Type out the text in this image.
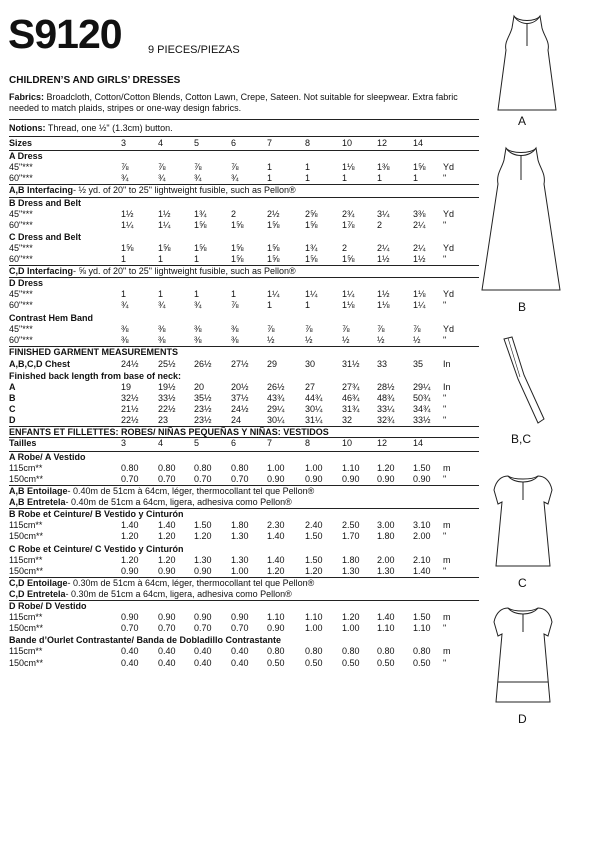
S9120 9 PIECES/PIEZAS
CHILDREN’S AND GIRLS’ DRESSES
Fabrics: Broadcloth, Cotton/Cotton Blends, Cotton Lawn, Crepe, Sateen. Not suitable for sleepwear. Extra fabric needed to match plaids, stripes or one-way design fabrics.
Notions: Thread, one ½" (1.3cm) button.
Sizes	3	4	5	6	7	8	10	12	14
A Dress
45"***	⅞	⅞	⅞	⅞	1	1	1⅛	1⅜	1⅝	Yd
60"***	¾	¾	¾	¾	1	1	1	1	1	"
A,B Interfacing- ½ yd. of 20" to 25" lightweight fusible, such as Pellon®
B Dress and Belt
45"***	1½	1½	1¾	2	2½	2⅝	2¾	3¼	3⅜	Yd
60"***	1¼	1¼	1⅝	1⅝	1⅝	1⅝	1⅞	2	2¼	"
C Dress and Belt
45"***	1⅝	1⅝	1⅝	1⅝	1⅝	1¾	2	2¼	2¼	Yd
60"***	1	1	1	1⅝	1⅝	1⅝	1⅝	1½	1½	"
C,D Interfacing- ⅝ yd. of 20" to 25" lightweight fusible, such as Pellon®
D Dress
45"***	1	1	1	1	1¼	1¼	1¼	1½	1⅛	Yd
60"***	¾	¾	¾	⅞	1	1	1⅛	1⅛	1¼	"
Contrast Hem Band
45"***	⅜	⅜	⅜	⅜	⅞	⅞	⅞	⅞	⅞	Yd
60"***	⅜	⅜	⅜	⅜	½	½	½	½	½	"
FINISHED GARMENT MEASUREMENTS
A,B,C,D Chest	24½	25½	26½	27½	29	30	31½	33	35	In
Finished back length from base of neck:
A	19	19½	20	20½	26½	27	27¾	28½	29¼	In
B	32½	33½	35½	37½	43¾	44¾	46¾	48¾	50¾	"
C	21½	22½	23½	24½	29¼	30¼	31¾	33¼	34¾	"
D	22½	23	23½	24	30¼	31¼	32	32¾	33½	"
ENFANTS ET FILLETTES: ROBES/ NIÑAS PEQUEÑAS Y NIÑAS: VESTIDOS
Tailles	3	4	5	6	7	8	10	12	14
A Robe/ A Vestido
115cm**	0.80	0.80	0.80	0.80	1.00	1.00	1.10	1.20	1.50	m
150cm**	0.70	0.70	0.70	0.70	0.90	0.90	0.90	0.90	0.90	"
A,B Entoilage- 0.40m de 51cm à 64cm, léger, thermocollant tel que Pellon®
A,B Entretela- 0.40m de 51cm a 64cm, ligera, adhesiva como Pellon®
B Robe et Ceinture/ B Vestido y Cinturón
115cm**	1.40	1.40	1.50	1.80	2.30	2.40	2.50	3.00	3.10	m
150cm**	1.20	1.20	1.20	1.30	1.40	1.50	1.70	1.80	2.00	"
C Robe et Ceinture/ C Vestido y Cinturón
115cm**	1.20	1.20	1.30	1.30	1.40	1.50	1.80	2.00	2.10	m
150cm**	0.90	0.90	0.90	1.00	1.20	1.20	1.30	1.30	1.40	"
C,D Entoilage- 0.30m de 51cm à 64cm, léger, thermocollant tel que Pellon®
C,D Entretela- 0.30m de 51cm a 64cm, ligera, adhesiva como Pellon®
D Robe/ D Vestido
115cm**	0.90	0.90	0.90	0.90	1.10	1.10	1.20	1.40	1.50	m
150cm**	0.70	0.70	0.70	0.70	0.90	1.00	1.00	1.10	1.10	"
Bande d’Ourlet Contrastante/ Banda de Dobladillo Contrastante
115cm**	0.40	0.40	0.40	0.40	0.80	0.80	0.80	0.80	0.80	m
150cm**	0.40	0.40	0.40	0.40	0.50	0.50	0.50	0.50	0.50	"
A
B
B,C
C
D
